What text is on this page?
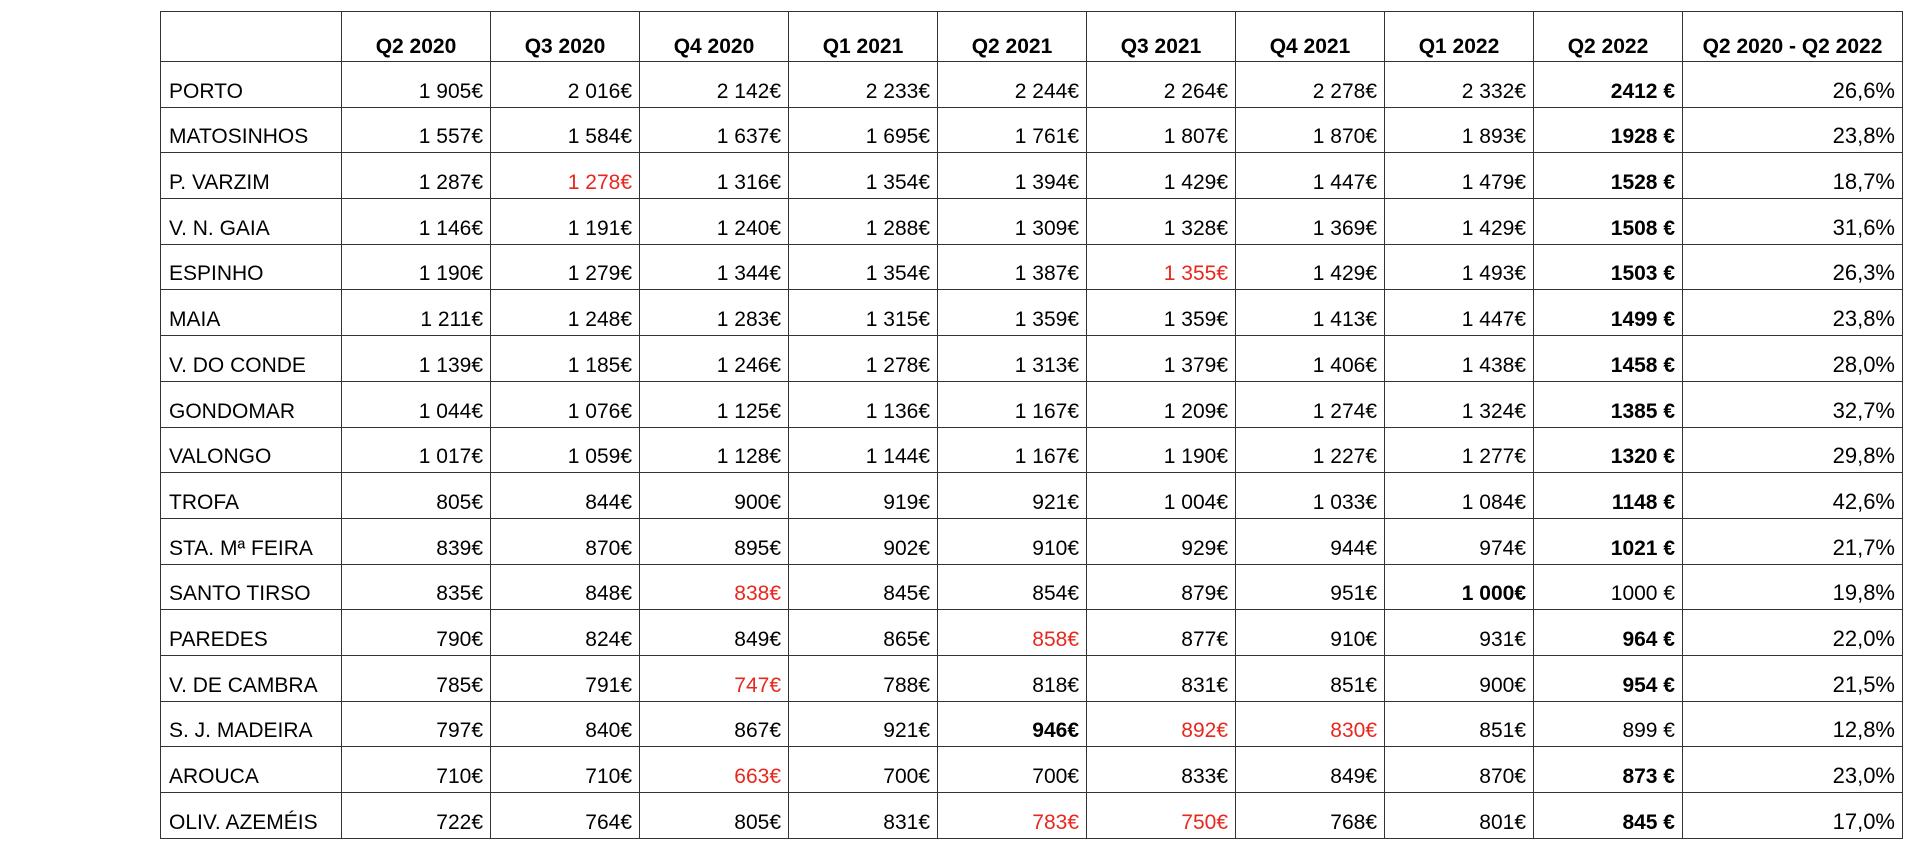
	Q2 2020	Q3 2020	Q4 2020	Q1 2021	Q2 2021	Q3 2021	Q4 2021	Q1 2022	Q2 2022	Q2 2020 - Q2 2022
PORTO	1 905€	2 016€	2 142€	2 233€	2 244€	2 264€	2 278€	2 332€	2412 €	26,6%
MATOSINHOS	1 557€	1 584€	1 637€	1 695€	1 761€	1 807€	1 870€	1 893€	1928 €	23,8%
P. VARZIM	1 287€	1 278€	1 316€	1 354€	1 394€	1 429€	1 447€	1 479€	1528 €	18,7%
V. N. GAIA	1 146€	1 191€	1 240€	1 288€	1 309€	1 328€	1 369€	1 429€	1508 €	31,6%
ESPINHO	1 190€	1 279€	1 344€	1 354€	1 387€	1 355€	1 429€	1 493€	1503 €	26,3%
MAIA	1 211€	1 248€	1 283€	1 315€	1 359€	1 359€	1 413€	1 447€	1499 €	23,8%
V. DO CONDE	1 139€	1 185€	1 246€	1 278€	1 313€	1 379€	1 406€	1 438€	1458 €	28,0%
GONDOMAR	1 044€	1 076€	1 125€	1 136€	1 167€	1 209€	1 274€	1 324€	1385 €	32,7%
VALONGO	1 017€	1 059€	1 128€	1 144€	1 167€	1 190€	1 227€	1 277€	1320 €	29,8%
TROFA	805€	844€	900€	919€	921€	1 004€	1 033€	1 084€	1148 €	42,6%
STA. Mª FEIRA	839€	870€	895€	902€	910€	929€	944€	974€	1021 €	21,7%
SANTO TIRSO	835€	848€	838€	845€	854€	879€	951€	1 000€	1000 €	19,8%
PAREDES	790€	824€	849€	865€	858€	877€	910€	931€	964 €	22,0%
V. DE CAMBRA	785€	791€	747€	788€	818€	831€	851€	900€	954 €	21,5%
S. J. MADEIRA	797€	840€	867€	921€	946€	892€	830€	851€	899 €	12,8%
AROUCA	710€	710€	663€	700€	700€	833€	849€	870€	873 €	23,0%
OLIV. AZEMÉIS	722€	764€	805€	831€	783€	750€	768€	801€	845 €	17,0%
